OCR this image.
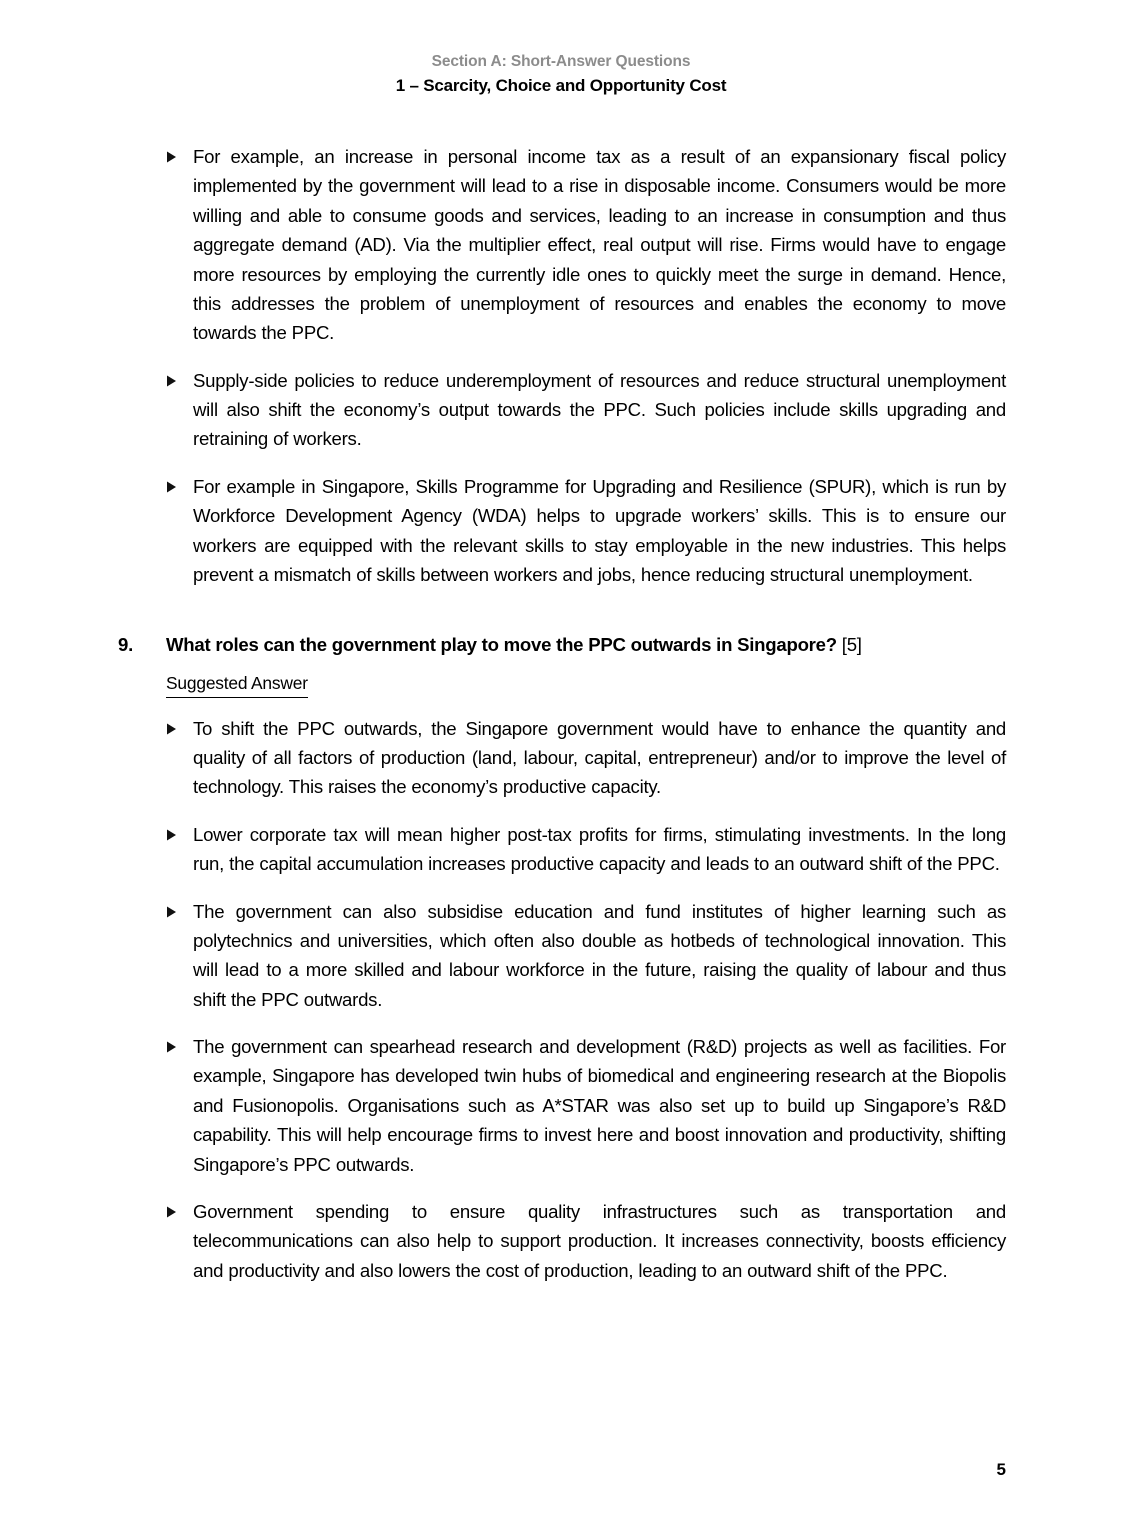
Section A: Short-Answer Questions
1 – Scarcity, Choice and Opportunity Cost
For example, an increase in personal income tax as a result of an expansionary fiscal policy implemented by the government will lead to a rise in disposable income. Consumers would be more willing and able to consume goods and services, leading to an increase in consumption and thus aggregate demand (AD). Via the multiplier effect, real output will rise. Firms would have to engage more resources by employing the currently idle ones to quickly meet the surge in demand. Hence, this addresses the problem of unemployment of resources and enables the economy to move towards the PPC.
Supply-side policies to reduce underemployment of resources and reduce structural unemployment will also shift the economy’s output towards the PPC. Such policies include skills upgrading and retraining of workers.
For example in Singapore, Skills Programme for Upgrading and Resilience (SPUR), which is run by Workforce Development Agency (WDA) helps to upgrade workers’ skills. This is to ensure our workers are equipped with the relevant skills to stay employable in the new industries. This helps prevent a mismatch of skills between workers and jobs, hence reducing structural unemployment.
9. What roles can the government play to move the PPC outwards in Singapore? [5]
Suggested Answer
To shift the PPC outwards, the Singapore government would have to enhance the quantity and quality of all factors of production (land, labour, capital, entrepreneur) and/or to improve the level of technology. This raises the economy’s productive capacity.
Lower corporate tax will mean higher post-tax profits for firms, stimulating investments. In the long run, the capital accumulation increases productive capacity and leads to an outward shift of the PPC.
The government can also subsidise education and fund institutes of higher learning such as polytechnics and universities, which often also double as hotbeds of technological innovation. This will lead to a more skilled and labour workforce in the future, raising the quality of labour and thus shift the PPC outwards.
The government can spearhead research and development (R&D) projects as well as facilities. For example, Singapore has developed twin hubs of biomedical and engineering research at the Biopolis and Fusionopolis. Organisations such as A*STAR was also set up to build up Singapore’s R&D capability. This will help encourage firms to invest here and boost innovation and productivity, shifting Singapore’s PPC outwards.
Government spending to ensure quality infrastructures such as transportation and telecommunications can also help to support production. It increases connectivity, boosts efficiency and productivity and also lowers the cost of production, leading to an outward shift of the PPC.
5
